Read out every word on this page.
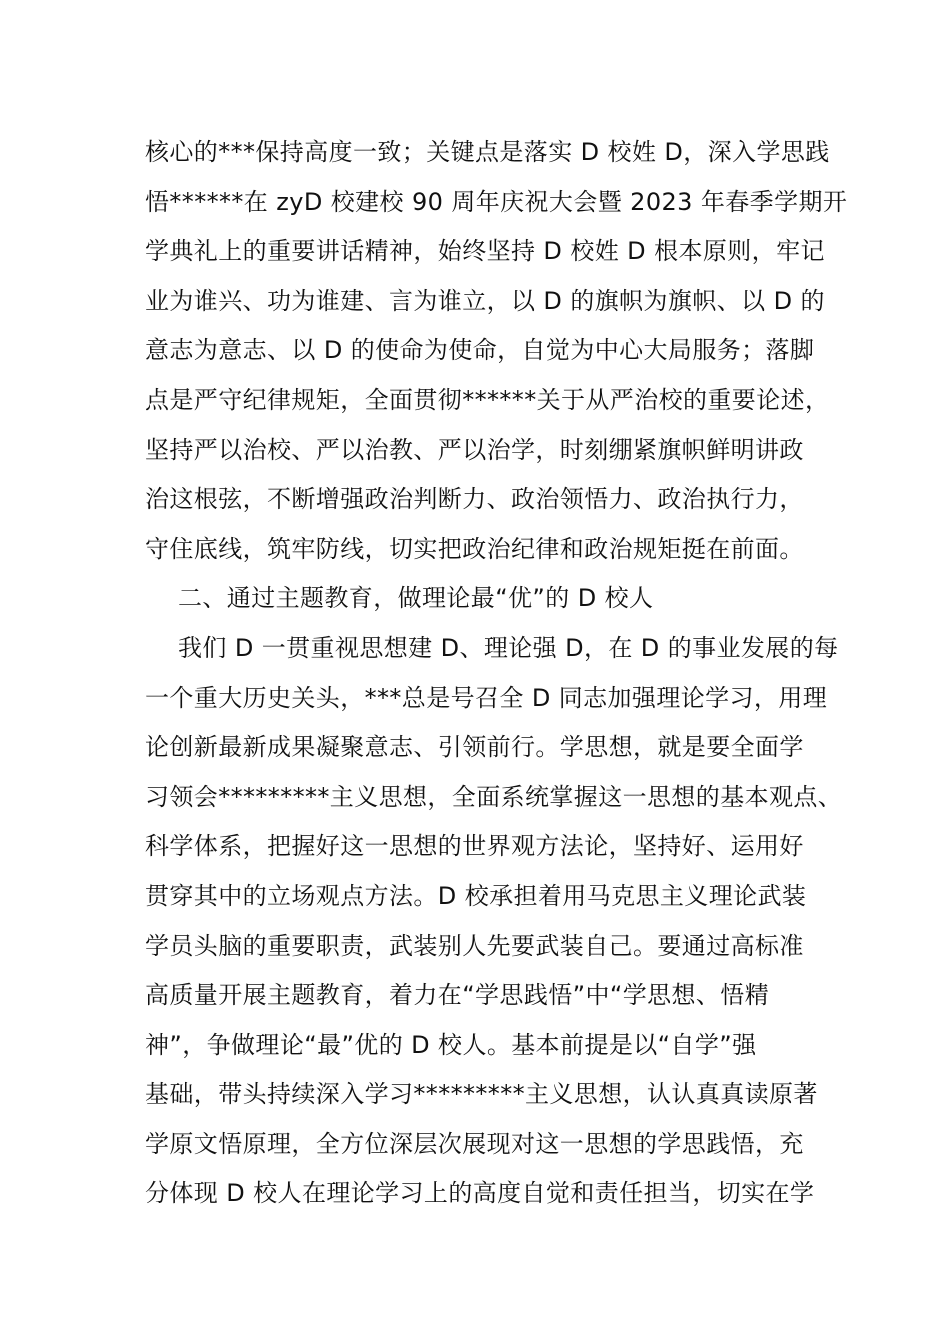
核心的***保持高度一致；关键点是落实 D 校姓 D，深入学思践
悟******在 zyD 校建校 90 周年庆祝大会暨 2023 年春季学期开
学典礼上的重要讲话精神，始终坚持 D 校姓 D 根本原则，牢记
业为谁兴、功为谁建、言为谁立，以 D 的旗帜为旗帜、以 D 的
意志为意志、以 D 的使命为使命，自觉为中心大局服务；落脚
点是严守纪律规矩，全面贯彻******关于从严治校的重要论述，
坚持严以治校、严以治教、严以治学，时刻绷紧旗帜鲜明讲政
治这根弦，不断增强政治判断力、政治领悟力、政治执行力，
守住底线，筑牢防线，切实把政治纪律和政治规矩挺在前面。
二、通过主题教育，做理论最“优”的 D 校人
我们 D 一贯重视思想建 D、理论强 D，在 D 的事业发展的每
一个重大历史关头，***总是号召全 D 同志加强理论学习，用理
论创新最新成果凝聚意志、引领前行。学思想，就是要全面学
习领会*********主义思想，全面系统掌握这一思想的基本观点、
科学体系，把握好这一思想的世界观方法论，坚持好、运用好
贯穿其中的立场观点方法。D 校承担着用马克思主义理论武装
学员头脑的重要职责，武装别人先要武装自己。要通过高标准
高质量开展主题教育，着力在“学思践悟”中“学思想、悟精
神”，争做理论“最”优的 D 校人。基本前提是以“自学”强
基础，带头持续深入学习*********主义思想，认认真真读原著
学原文悟原理，全方位深层次展现对这一思想的学思践悟，充
分体现 D 校人在理论学习上的高度自觉和责任担当，切实在学
